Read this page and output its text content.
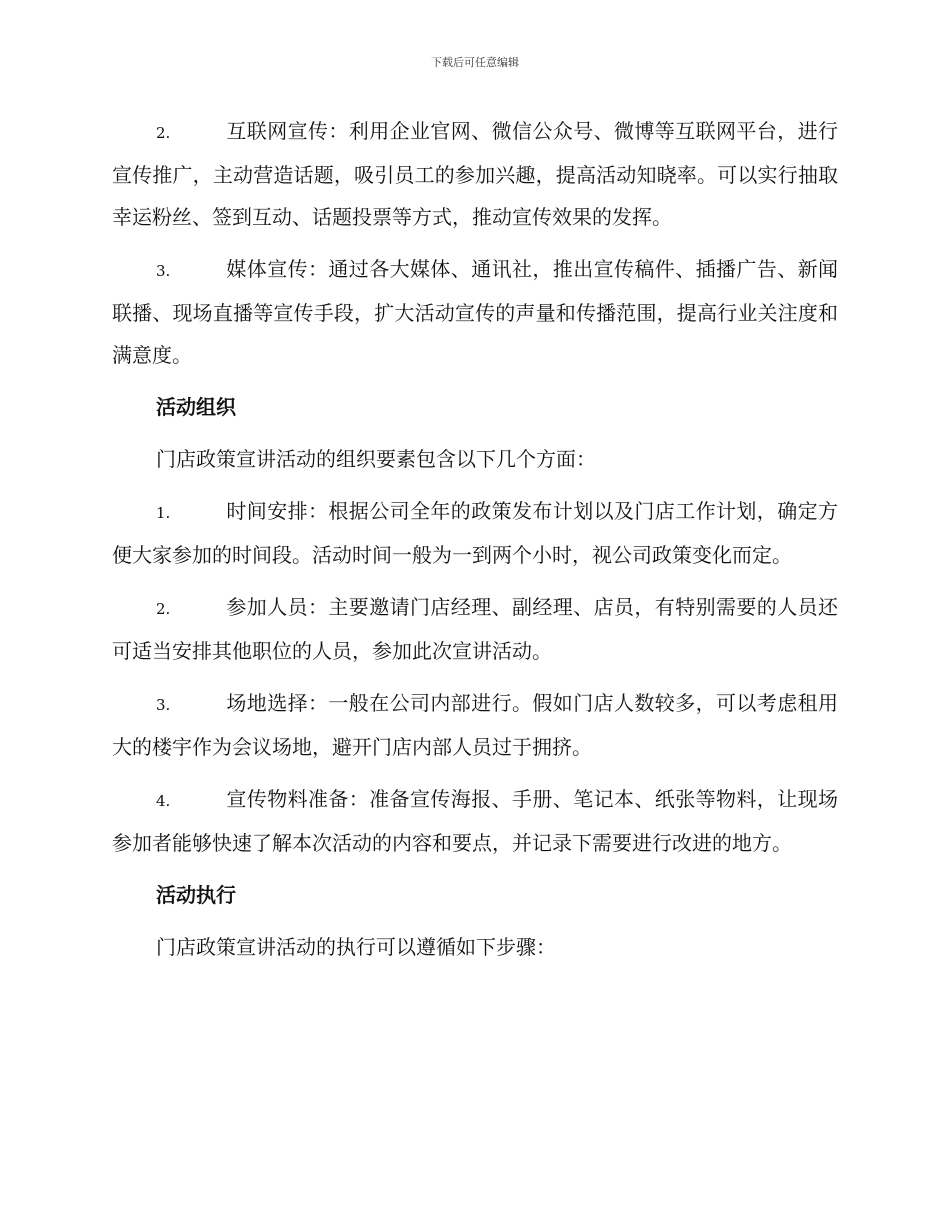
下载后可任意编辑

2.	互联网宣传：利用企业官网、微信公众号、微博等互联网平台，进行宣传推广，主动营造话题，吸引员工的参加兴趣，提高活动知晓率。可以实行抽取幸运粉丝、签到互动、话题投票等方式，推动宣传效果的发挥。

3.	媒体宣传：通过各大媒体、通讯社，推出宣传稿件、插播广告、新闻联播、现场直播等宣传手段，扩大活动宣传的声量和传播范围，提高行业关注度和满意度。

活动组织

门店政策宣讲活动的组织要素包含以下几个方面：

1.	时间安排：根据公司全年的政策发布计划以及门店工作计划，确定方便大家参加的时间段。活动时间一般为一到两个小时，视公司政策变化而定。

2.	参加人员：主要邀请门店经理、副经理、店员，有特别需要的人员还可适当安排其他职位的人员，参加此次宣讲活动。

3.	场地选择：一般在公司内部进行。假如门店人数较多，可以考虑租用大的楼宇作为会议场地，避开门店内部人员过于拥挤。

4.	宣传物料准备：准备宣传海报、手册、笔记本、纸张等物料，让现场参加者能够快速了解本次活动的内容和要点，并记录下需要进行改进的地方。

活动执行

门店政策宣讲活动的执行可以遵循如下步骤：
